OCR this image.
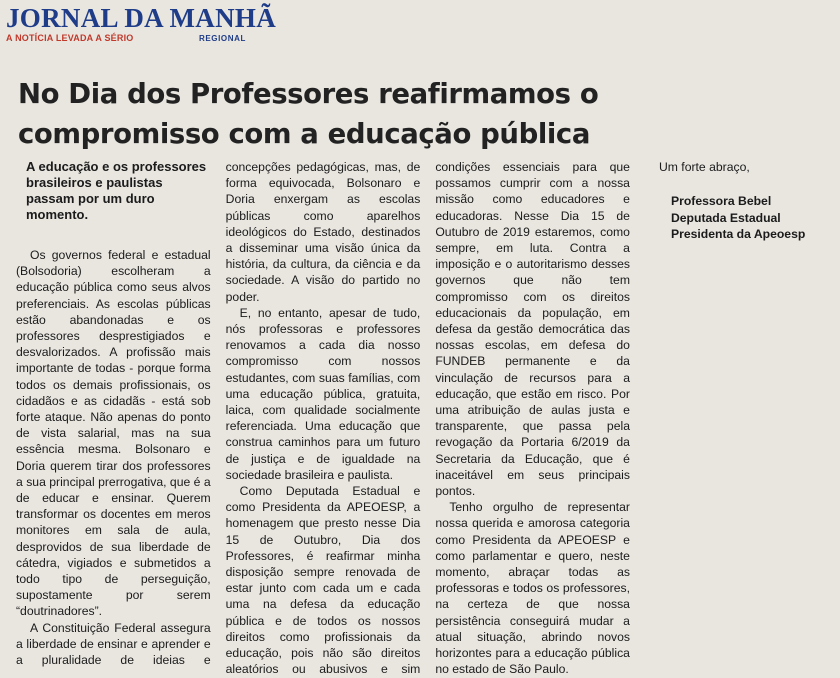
JORNAL DA MANHÃ
A NOTÍCIA LEVADA A SÉRIO	REGIONAL
No Dia dos Professores reafirmamos o compromisso com a educação pública
A educação e os professores brasileiros e paulistas passam por um duro momento.

Os governos federal e estadual (Bolsodoria) escolheram a educação pública como seus alvos preferenciais. As escolas públicas estão abandonadas e os professores desprestigiados e desvalorizados. A profissão mais importante de todas - porque forma todos os demais profissionais, os cidadãos e as cidadãs - está sob forte ataque. Não apenas do ponto de vista salarial, mas na sua essência mesma. Bolsonaro e Doria querem tirar dos professores a sua principal prerrogativa, que é a de educar e ensinar. Querem transformar os docentes em meros monitores em sala de aula, desprovidos de sua liberdade de cátedra, vigiados e submetidos a todo tipo de perseguição, supostamente por serem “doutrinadores”.

A Constituição Federal assegura a liberdade de ensinar e aprender e a pluralidade de ideias e concepções pedagógicas, mas, de forma equivocada, Bolsonaro e Doria enxergam as escolas públicas como aparelhos ideológicos do Estado, destinados a disseminar uma visão única da história, da cultura, da ciência e da sociedade. A visão do partido no poder.

E, no entanto, apesar de tudo, nós professoras e professores renovamos a cada dia nosso compromisso com nossos estudantes, com suas famílias, com uma educação pública, gratuita, laica, com qualidade socialmente referenciada. Uma educação que construa caminhos para um futuro de justiça e de igualdade na sociedade brasileira e paulista.

Como Deputada Estadual e como Presidenta da APEOESP, a homenagem que presto nesse Dia 15 de Outubro, Dia dos Professores, é reafirmar minha disposição sempre renovada de estar junto com cada um e cada uma na defesa da educação pública e de todos os nossos direitos como profissionais da educação, pois não são direitos aleatórios ou abusivos e sim condições essenciais para que possamos cumprir com a nossa missão como educadores e educadoras. Nesse Dia 15 de Outubro de 2019 estaremos, como sempre, em luta. Contra a imposição e o autoritarismo desses governos que não tem compromisso com os direitos educacionais da população, em defesa da gestão democrática das nossas escolas, em defesa do FUNDEB permanente e da vinculação de recursos para a educação, que estão em risco. Por uma atribuição de aulas justa e transparente, que passa pela revogação da Portaria 6/2019 da Secretaria da Educação, que é inaceitável em seus principais pontos.

Tenho orgulho de representar nossa querida e amorosa categoria como Presidenta da APEOESP e como parlamentar e quero, neste momento, abraçar todas as professoras e todos os professores, na certeza de que nossa persistência conseguirá mudar a atual situação, abrindo novos horizontes para a educação pública no estado de São Paulo.

Um forte abraço,

Professora Bebel
Deputada Estadual
Presidenta da Apeoesp
